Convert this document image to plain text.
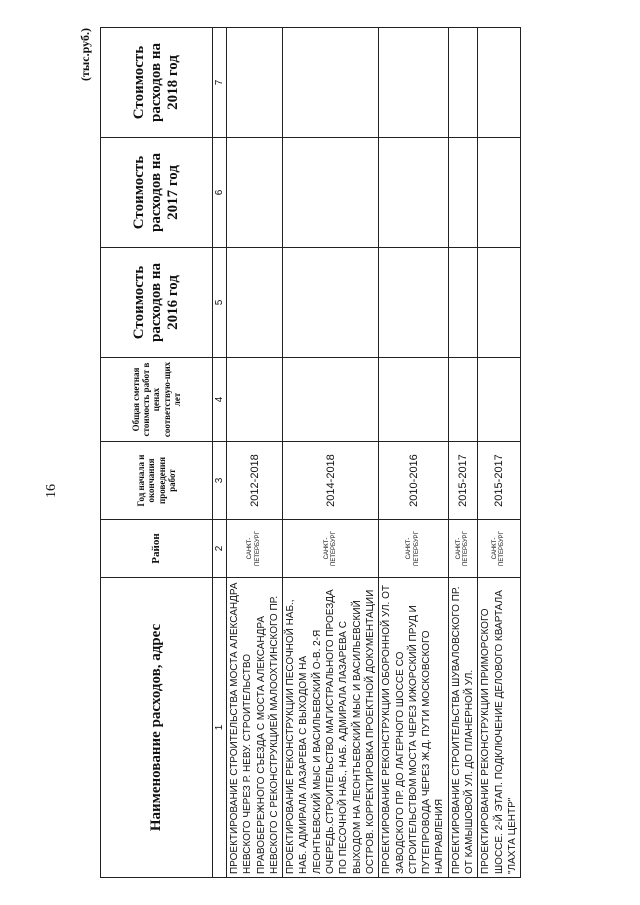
16
(тыс.руб.)
Наименование расходов, адрес	Район	Год начала и окончания проведения работ	Общая сметная стоимость работ в ценах соответствую-щих лет	Стоимость расходов на 2016 год	Стоимость расходов на 2017 год	Стоимость расходов на 2018 год
1	2	3	4	5	6	7
ПРОЕКТИРОВАНИЕ СТРОИТЕЛЬСТВА МОСТА АЛЕКСАНДРА НЕВСКОГО ЧЕРЕЗ Р. НЕВУ. СТРОИТЕЛЬСТВО ПРАВОБЕРЕЖНОГО СЪЕЗДА С МОСТА АЛЕКСАНДРА НЕВСКОГО С РЕКОНСТРУКЦИЕЙ МАЛООХТИНСКОГО ПР.	САНКТ-ПЕТЕРБУРГ	2012-2018				
ПРОЕКТИРОВАНИЕ РЕКОНСТРУКЦИИ ПЕСОЧНОЙ НАБ., НАБ. АДМИРАЛА ЛАЗАРЕВА С ВЫХОДОМ НА ЛЕОНТЬЕВСКИЙ МЫС И ВАСИЛЬЕВСКИЙ О-В. 2-Я ОЧЕРЕДЬ.СТРОИТЕЛЬСТВО МАГИСТРАЛЬНОГО ПРОЕЗДА ПО ПЕСОЧНОЙ НАБ., НАБ. АДМИРАЛА ЛАЗАРЕВА С ВЫХОДОМ НА ЛЕОНТЬЕВСКИЙ МЫС И ВАСИЛЬЕВСКИЙ ОСТРОВ. КОРРЕКТИРОВКА ПРОЕКТНОЙ ДОКУМЕНТАЦИИ	САНКТ-ПЕТЕРБУРГ	2014-2018				
ПРОЕКТИРОВАНИЕ РЕКОНСТРУКЦИИ ОБОРОННОЙ УЛ. ОТ ЗАВОДСКОГО ПР. ДО ЛАГЕРНОГО ШОССЕ СО СТРОИТЕЛЬСТВОМ МОСТА ЧЕРЕЗ ИЖОРСКИЙ ПРУД И ПУТЕПРОВОДА ЧЕРЕЗ Ж.Д. ПУТИ МОСКОВСКОГО НАПРАВЛЕНИЯ	САНКТ-ПЕТЕРБУРГ	2010-2016				
ПРОЕКТИРОВАНИЕ СТРОИТЕЛЬСТВА ШУВАЛОВСКОГО ПР. ОТ КАМЫШОВОЙ УЛ. ДО ПЛАНЕРНОЙ УЛ.	САНКТ-ПЕТЕРБУРГ	2015-2017				
ПРОЕКТИРОВАНИЕ РЕКОНСТРУКЦИИ ПРИМОРСКОГО ШОССЕ. 2-Й ЭТАП. ПОДКЛЮЧЕНИЕ ДЕЛОВОГО КВАРТАЛА "ЛАХТА ЦЕНТР"	САНКТ-ПЕТЕРБУРГ	2015-2017				
